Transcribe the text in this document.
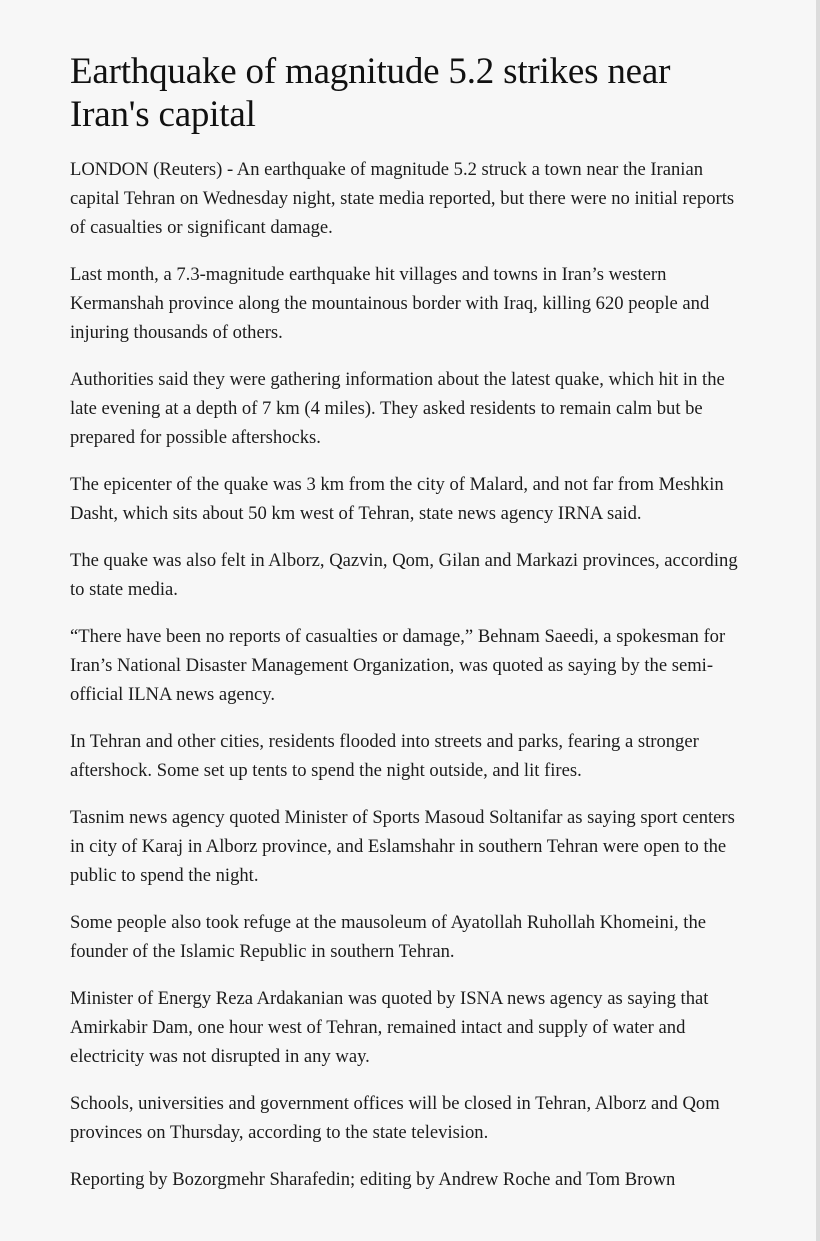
Earthquake of magnitude 5.2 strikes near Iran's capital

LONDON (Reuters) - An earthquake of magnitude 5.2 struck a town near the Iranian capital Tehran on Wednesday night, state media reported, but there were no initial reports of casualties or significant damage.

Last month, a 7.3-magnitude earthquake hit villages and towns in Iran’s western Kermanshah province along the mountainous border with Iraq, killing 620 people and injuring thousands of others.

Authorities said they were gathering information about the latest quake, which hit in the late evening at a depth of 7 km (4 miles). They asked residents to remain calm but be prepared for possible aftershocks.

The epicenter of the quake was 3 km from the city of Malard, and not far from Meshkin Dasht, which sits about 50 km west of Tehran, state news agency IRNA said.

The quake was also felt in Alborz, Qazvin, Qom, Gilan and Markazi provinces, according to state media.

“There have been no reports of casualties or damage,” Behnam Saeedi, a spokesman for Iran’s National Disaster Management Organization, was quoted as saying by the semi-official ILNA news agency.

In Tehran and other cities, residents flooded into streets and parks, fearing a stronger aftershock. Some set up tents to spend the night outside, and lit fires.

Tasnim news agency quoted Minister of Sports Masoud Soltanifar as saying sport centers in city of Karaj in Alborz province, and Eslamshahr in southern Tehran were open to the public to spend the night.

Some people also took refuge at the mausoleum of Ayatollah Ruhollah Khomeini, the founder of the Islamic Republic in southern Tehran.

Minister of Energy Reza Ardakanian was quoted by ISNA news agency as saying that Amirkabir Dam, one hour west of Tehran, remained intact and supply of water and electricity was not disrupted in any way.

Schools, universities and government offices will be closed in Tehran, Alborz and Qom provinces on Thursday, according to the state television.

Reporting by Bozorgmehr Sharafedin; editing by Andrew Roche and Tom Brown
